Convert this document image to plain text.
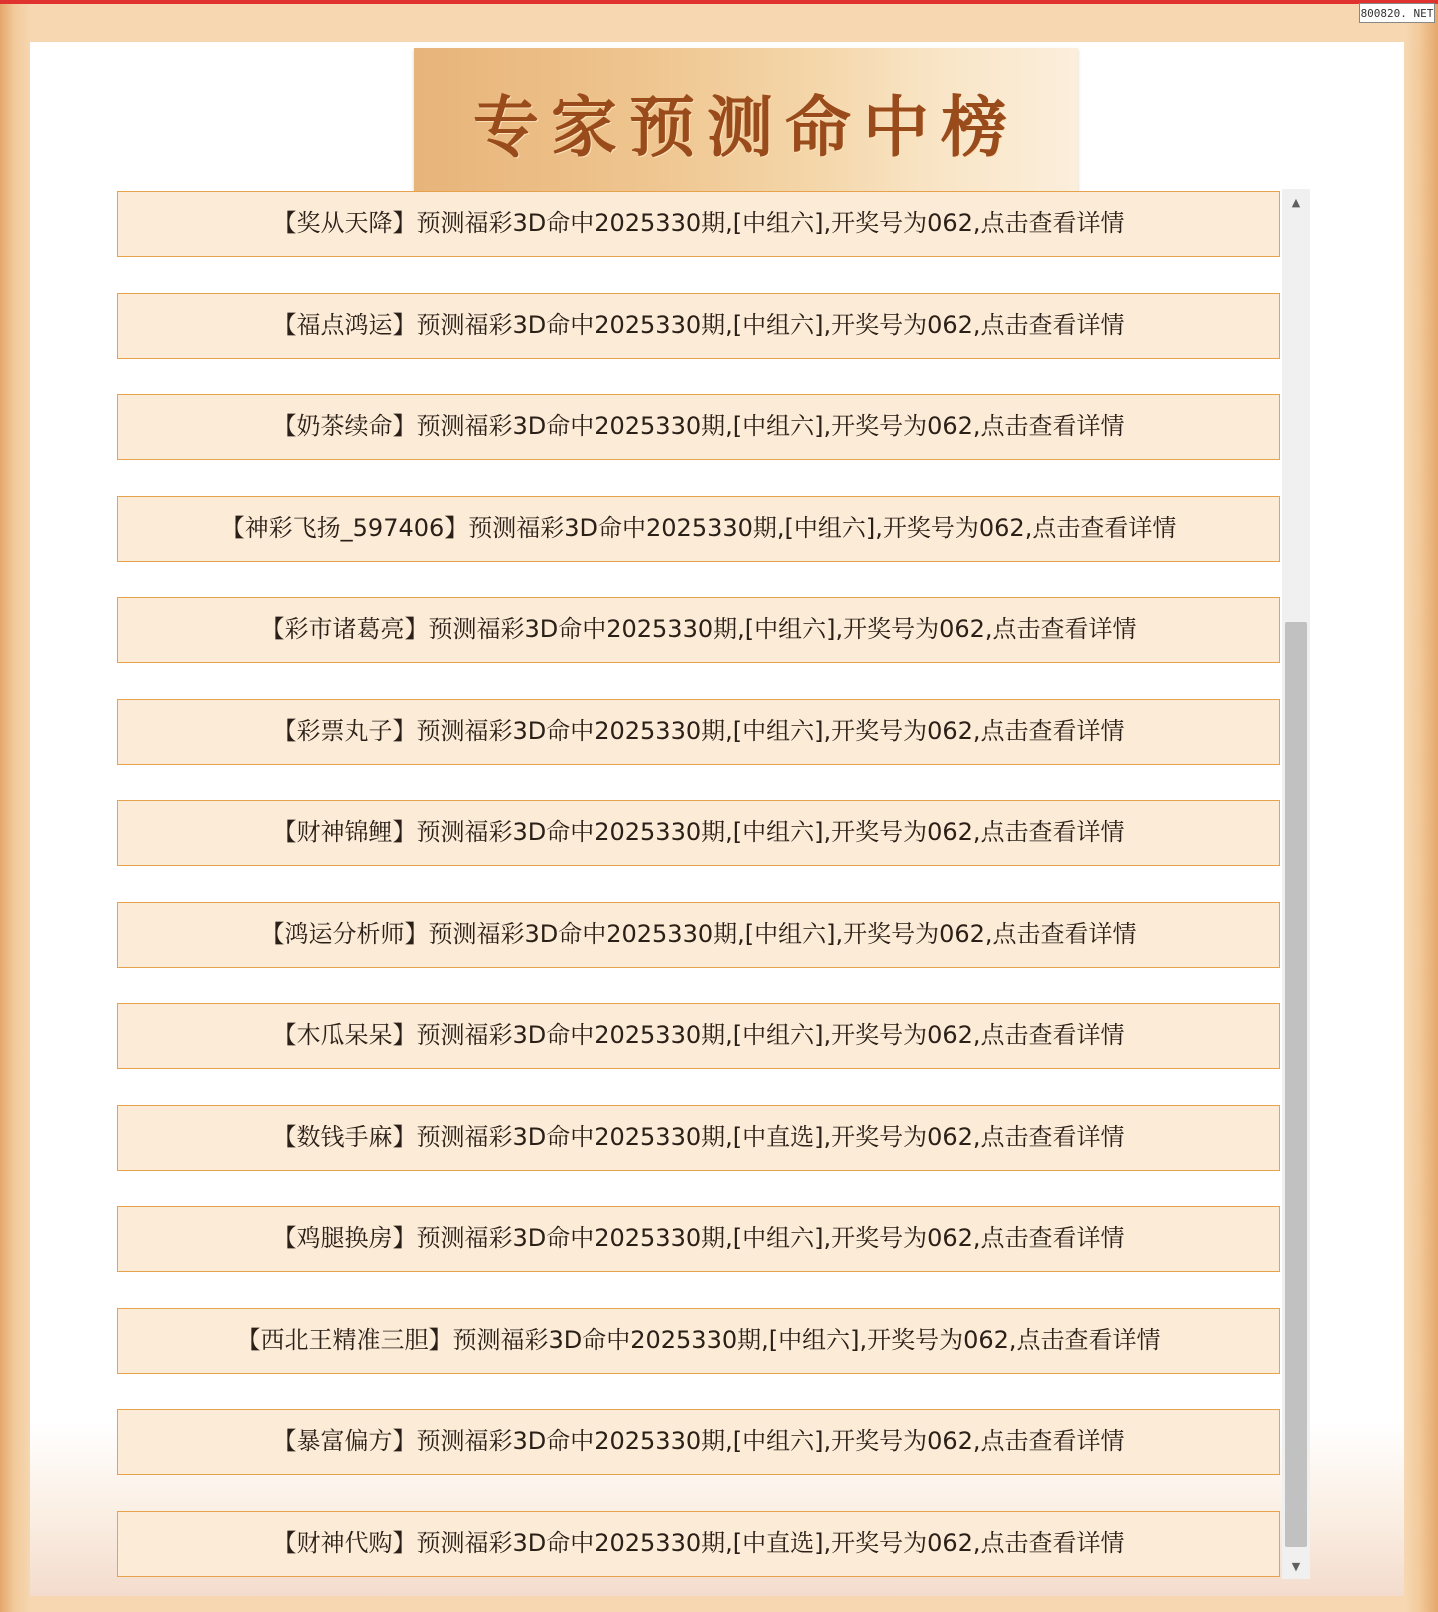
800820. NET
专家预测命中榜
【奖从天降】预测福彩3D命中2025330期,[中组六],开奖号为062,点击查看详情
【福点鸿运】预测福彩3D命中2025330期,[中组六],开奖号为062,点击查看详情
【奶茶续命】预测福彩3D命中2025330期,[中组六],开奖号为062,点击查看详情
【神彩飞扬_597406】预测福彩3D命中2025330期,[中组六],开奖号为062,点击查看详情
【彩市诸葛亮】预测福彩3D命中2025330期,[中组六],开奖号为062,点击查看详情
【彩票丸子】预测福彩3D命中2025330期,[中组六],开奖号为062,点击查看详情
【财神锦鲤】预测福彩3D命中2025330期,[中组六],开奖号为062,点击查看详情
【鸿运分析师】预测福彩3D命中2025330期,[中组六],开奖号为062,点击查看详情
【木瓜呆呆】预测福彩3D命中2025330期,[中组六],开奖号为062,点击查看详情
【数钱手麻】预测福彩3D命中2025330期,[中直选],开奖号为062,点击查看详情
【鸡腿换房】预测福彩3D命中2025330期,[中组六],开奖号为062,点击查看详情
【西北王精准三胆】预测福彩3D命中2025330期,[中组六],开奖号为062,点击查看详情
【暴富偏方】预测福彩3D命中2025330期,[中组六],开奖号为062,点击查看详情
【财神代购】预测福彩3D命中2025330期,[中直选],开奖号为062,点击查看详情
▲
▼
